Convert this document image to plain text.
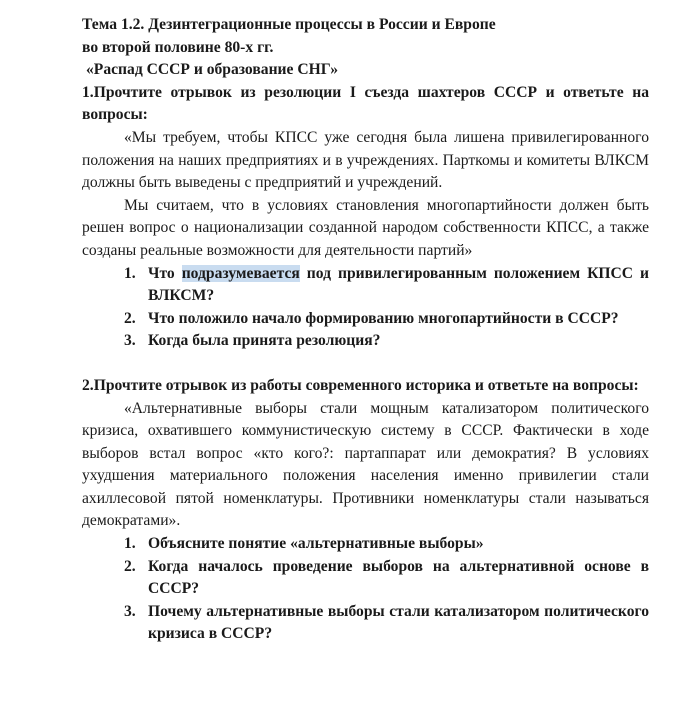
Тема 1.2. Дезинтеграционные процессы в России и Европе

во второй половине 80-х гг.

«Распад СССР и образование СНГ»

1.Прочтите отрывок из резолюции I съезда шахтеров СССР и ответьте на вопросы:

«Мы требуем, чтобы КПСС уже сегодня была лишена привилегированного положения на наших предприятиях и в учреждениях. Парткомы и комитеты ВЛКСМ должны быть выведены с предприятий и учреждений.

Мы считаем, что в условиях становления многопартийности должен быть решен вопрос о национализации созданной народом собственности КПСС, а также созданы реальные возможности для деятельности партий»

1. Что подразумевается под привилегированным положением КПСС и ВЛКСМ?
2. Что положило начало формированию многопартийности в СССР?
3. Когда была принята резолюция?

2.Прочтите отрывок из работы современного историка и ответьте на вопросы:

«Альтернативные выборы стали мощным катализатором политического кризиса, охватившего коммунистическую систему в СССР. Фактически в ходе выборов встал вопрос «кто кого?: партаппарат или демократия? В условиях ухудшения материального положения населения именно привилегии стали ахиллесовой пятой номенклатуры. Противники номенклатуры стали называться демократами».

1. Объясните понятие «альтернативные выборы»
2. Когда началось проведение выборов на альтернативной основе в СССР?
3. Почему альтернативные выборы стали катализатором политического кризиса в СССР?
